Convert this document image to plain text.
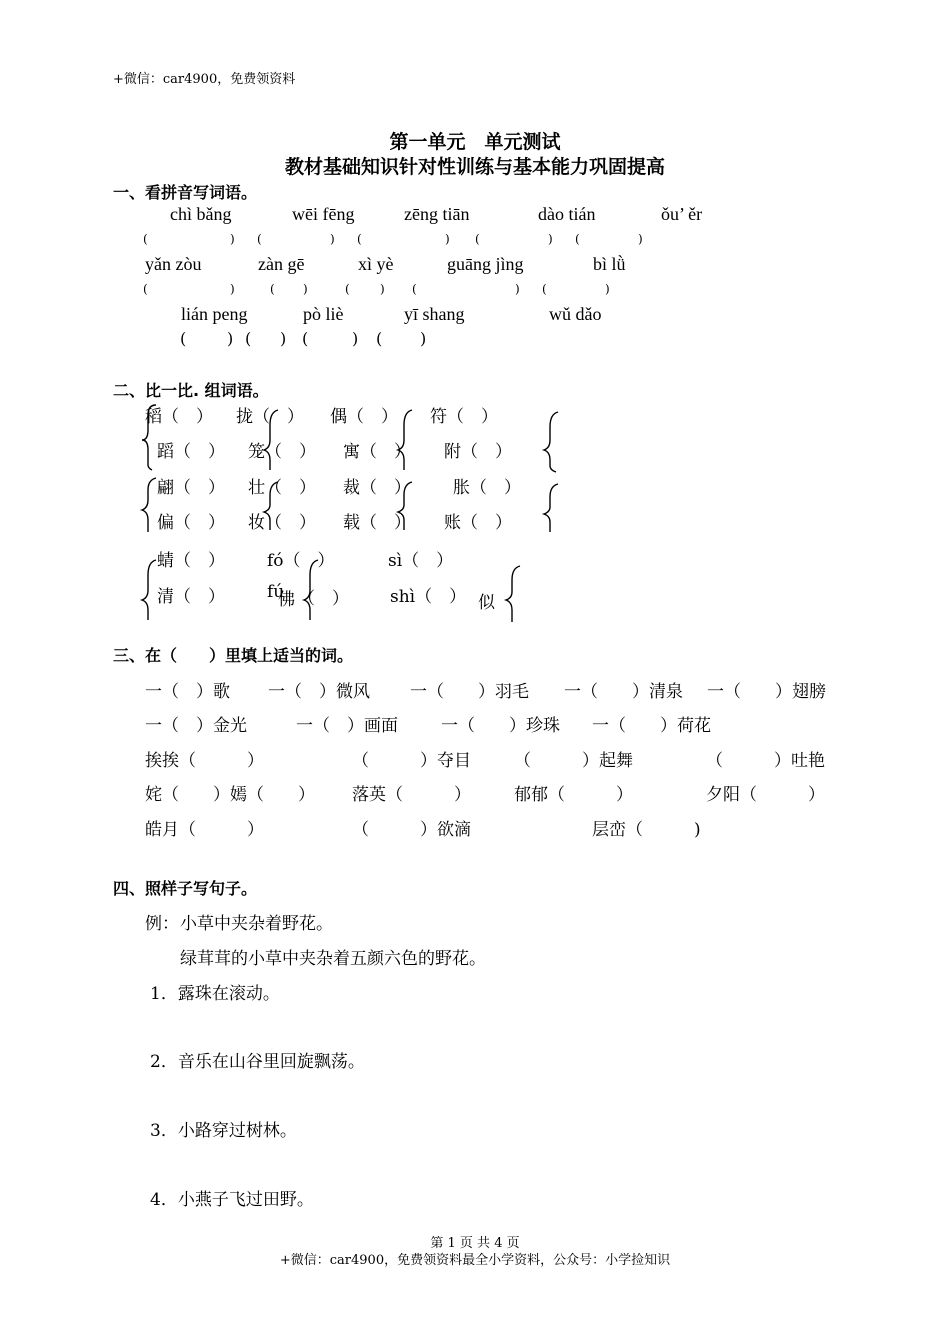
+微信：car4900，免费领资料
第一单元　单元测试
教材基础知识针对性训练与基本能力巩固提高
一、看拼音写词语。
chì bǎng	wēi fēng	zēng tiān	dào tián	ǒu’ ěr
(	) (	) (	) (	) (	)
yǎn zòu	zàn gē	xì yè	guāng jìng	bì lǜ
(	)	( )	(	) (	) (	)
lián peng	pò liè	yī shang	wǔ dǎo
(	) ( ) (	) ( )
二、比一比. 组词语。
稻（　） 拢（　） 偶（　） 符（　）
蹈（　） 笼（　） 寓（　） 附（　）
翩（　） 壮（　） 裁（　） 胀（　）
偏（　） 妆（　） 载（　） 账（　）
蜻（　） fó（　）	sì（　）
清（　） fú
佛 （　） shì（　） 似
三、在（　　）里填上适当的词。
一（　）歌 一（　）微风 一（　　）羽毛 一（　　）清泉 一（　　）翅膀
一（　）金光	一（　）画面	一（　　）珍珠 一（　　）荷花
挨挨（　　　）	（　　　）夺目	（　　　）起舞	（　　　）吐艳
姹（　　）嫣（　　） 落英（　　　）	郁郁（　　　）	夕阳（　　　）
皓月（　　　）	（　　　）欲滴	层峦（　　　)
四、照样子写句子。
例： 小草中夹杂着野花。
绿茸茸的小草中夹杂着五颜六色的野花。
1．露珠在滚动。
2．音乐在山谷里回旋飘荡。
3．小路穿过树林。
4．小燕子飞过田野。
第 1 页 共 4 页
+微信：car4900，免费领资料最全小学资料，公众号：小学捡知识
